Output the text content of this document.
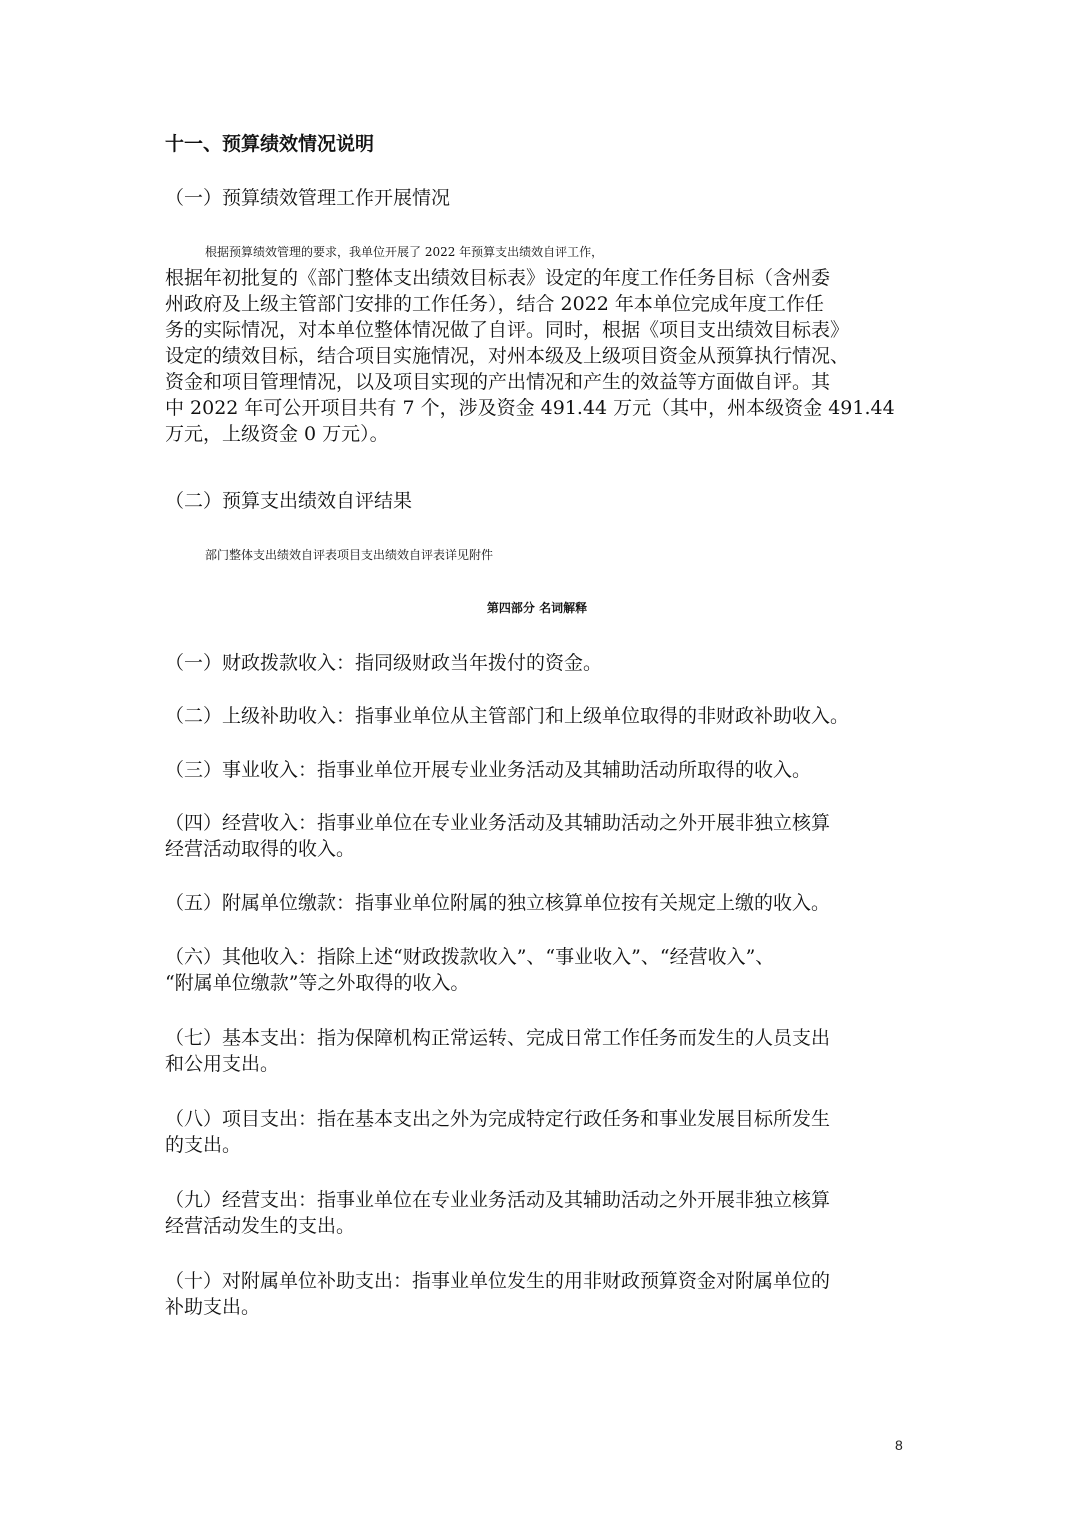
十一、预算绩效情况说明
（一）预算绩效管理工作开展情况
根据预算绩效管理的要求，我单位开展了 2022 年预算支出绩效自评工作，
根据年初批复的《部门整体支出绩效目标表》设定的年度工作任务目标（含州委
州政府及上级主管部门安排的工作任务），结合 2022 年本单位完成年度工作任
务的实际情况，对本单位整体情况做了自评。同时，根据《项目支出绩效目标表》
设定的绩效目标，结合项目实施情况，对州本级及上级项目资金从预算执行情况、
资金和项目管理情况，以及项目实现的产出情况和产生的效益等方面做自评。其
中 2022 年可公开项目共有 7 个，涉及资金 491.44 万元（其中，州本级资金 491.44
万元，上级资金 0 万元）。
（二）预算支出绩效自评结果
部门整体支出绩效自评表项目支出绩效自评表详见附件
第四部分 名词解释
（一）财政拨款收入：指同级财政当年拨付的资金。
（二）上级补助收入：指事业单位从主管部门和上级单位取得的非财政补助收入。
（三）事业收入：指事业单位开展专业业务活动及其辅助活动所取得的收入。
（四）经营收入：指事业单位在专业业务活动及其辅助活动之外开展非独立核算
经营活动取得的收入。
（五）附属单位缴款：指事业单位附属的独立核算单位按有关规定上缴的收入。
（六）其他收入：指除上述“财政拨款收入”、“事业收入”、“经营收入”、
“附属单位缴款”等之外取得的收入。
（七）基本支出：指为保障机构正常运转、完成日常工作任务而发生的人员支出
和公用支出。
（八）项目支出：指在基本支出之外为完成特定行政任务和事业发展目标所发生
的支出。
（九）经营支出：指事业单位在专业业务活动及其辅助活动之外开展非独立核算
经营活动发生的支出。
（十）对附属单位补助支出：指事业单位发生的用非财政预算资金对附属单位的
补助支出。
8
